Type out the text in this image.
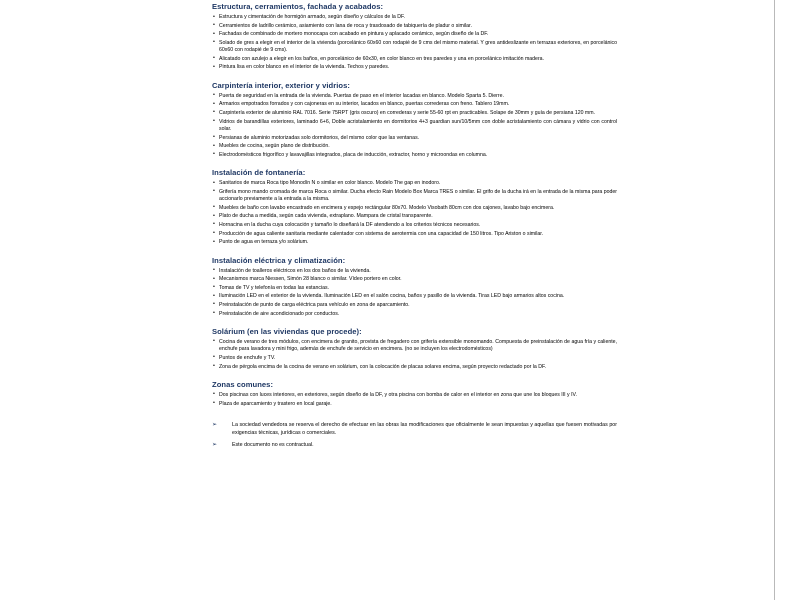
Estructura, cerramientos, fachada y acabados:
• Estructura y cimentación de hormigón armado, según diseño y cálculos de la DF.
• Cerramientos de ladrillo cerámico, asiamiento con lana de roca y trasdosado de tabiquería de pladur o similar.
• Fachadas de combinado de mortero monocapa con acabado en pintura y aplacado cerámico, según diseño de la DF.
• Solado de gres a elegir en el interior de la vivienda (porcelánico 60x60 con rodapié de 9 cms del mismo material. Y gres antideslizante en terrazas exteriores, en porcelánico 60x60 con rodapié de 9 cms).
• Alicatado con azulejo a elegir en los baños, en porcelánico de 60x30, en color blanco en tres paredes y una en porcelánico imitación madera.
• Pintura lisa en color blanco en el interior de la vivienda. Techos y paredes.
Carpintería interior, exterior y vidrios:
• Puerta de seguridad en la entrada de la vivienda. Puertas de paso en el interior lacadas en blanco. Modelo Sparta 5. Dierre.
• Armarios empotrados forrados y con cajoneras en su interior, lacados en blanco, puertas correderas con freno. Tablero 19mm.
• Carpintería exterior de aluminio RAL 7016. Serie 75RPT (gris oscuro) en correderas y serie 55-60 rpt en practicables. Solape de 30mm y guía de persiana 120 mm.
• Vidrios de barandillas exteriores, laminado 6+6, Doble acristalamiento en dormitorios 4+3 guardian sun/10/5mm con doble acristalamiento con cámara y vidrio con control solar.
• Persianas de aluminio motorizadas solo dormitorios, del mismo color que las ventanas.
• Muebles de cocina, según plano de distribución.
• Electrodomésticos frigorífico y lavavajillas integrados, placa de inducción, extractor, horno y microondas en columna.
Instalación de fontanería:
• Sanitarios de marca Roca tipo Monodín N o similar en color blanco. Modelo The gap en inodoro.
• Grifería mono mando cromada de marca Roca o similar. Ducha efecto Rain Modelo Box Marca TRES o similar. El grifo de la ducha irá en la entrada de la misma para poder accionarlo previamente a la entrada a la misma.
• Muebles de baño con lavabo encastrado en encimera y espejo rectángular 80x70. Modelo Visobath 80cm con dos cajones, lavabo bajo encimera.
• Plato de ducha a medida, según cada vivienda, extraplano. Mampara de cristal transparente.
• Hornacina en la ducha cuya colocación y tamaño lo diseñará la DF atendiendo a los criterios técnicos necesarios.
• Producción de agua caliente sanitaria mediante calentador con sistema de aerotermia con una capacidad de 150 litros. Tipo Ariston o similar.
• Punto de agua en terraza y/o solárium.
Instalación eléctrica y climatización:
• Instalación de toalleros eléctricos en los dos baños de la vivienda.
• Mecanismos marca Niessen, Simón 28 blanco o similar. Vídeo portero en color.
• Tomas de TV y telefonía en todas las estancias.
• Iluminación LED en el exterior de la vivienda. Iluminación LED en el salón cocina, baños y pasillo de la vivienda. Tiras LED bajo armarios altos cocina.
• Preinstalación de punto de carga eléctrica para vehículo en zona de aparcamiento.
• Preinstalación de aire acondicionado por conductos.
Solárium (en las viviendas que procede):
• Cocina de verano de tres módulos, con encimera de granito, provista de fregadero con grifería extensible monomando. Compuesta de preinstalación de agua fría y caliente, enchufe para lavadora y mini frigo, además de enchufe de servicio en encimera. (no se incluyen los electrodomésticos)
• Puntos de enchufe y TV.
• Zona de pérgola encima de la cocina de verano en solárium, con la colocación de placas solares encima, según proyecto redactado por la DF.
Zonas comunes:
• Dos piscinas con luces interiores, en exteriores, según diseño de la DF, y otra piscina con bomba de calor en el interior en zona que une los bloques III y IV.
• Plaza de aparcamiento y trastero en local garaje.
➢	La sociedad vendedora se reserva el derecho de efectuar en las obras las modificaciones que oficialmente le sean impuestas y aquellas que fuesen motivadas por exigencias técnicas, jurídicas o comerciales.
➢	Este documento no es contractual.
